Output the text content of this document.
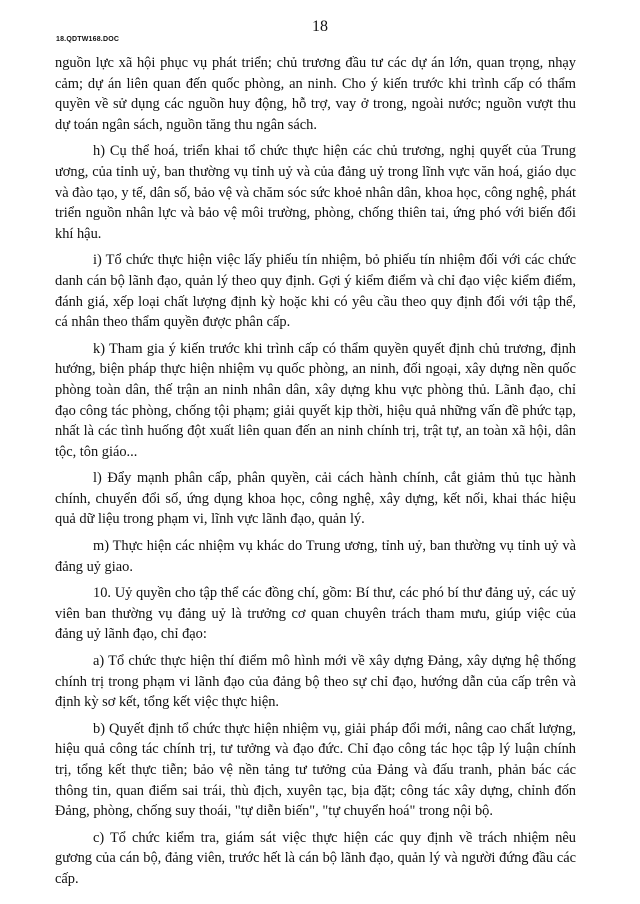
18
18.QDTW168.DOC

nguồn lực xã hội phục vụ phát triển; chủ trương đầu tư các dự án lớn, quan trọng, nhạy cảm; dự án liên quan đến quốc phòng, an ninh. Cho ý kiến trước khi trình cấp có thẩm quyền về sử dụng các nguồn huy động, hỗ trợ, vay ở trong, ngoài nước; nguồn vượt thu dự toán ngân sách, nguồn tăng thu ngân sách.

h) Cụ thể hoá, triển khai tổ chức thực hiện các chủ trương, nghị quyết của Trung ương, của tỉnh uỷ, ban thường vụ tỉnh uỷ và của đảng uỷ trong lĩnh vực văn hoá, giáo dục và đào tạo, y tế, dân số, bảo vệ và chăm sóc sức khoẻ nhân dân, khoa học, công nghệ, phát triển nguồn nhân lực và bảo vệ môi trường, phòng, chống thiên tai, ứng phó với biến đổi khí hậu.

i) Tổ chức thực hiện việc lấy phiếu tín nhiệm, bỏ phiếu tín nhiệm đối với các chức danh cán bộ lãnh đạo, quản lý theo quy định. Gợi ý kiểm điểm và chỉ đạo việc kiểm điểm, đánh giá, xếp loại chất lượng định kỳ hoặc khi có yêu cầu theo quy định đối với tập thể, cá nhân theo thẩm quyền được phân cấp.

k) Tham gia ý kiến trước khi trình cấp có thẩm quyền quyết định chủ trương, định hướng, biện pháp thực hiện nhiệm vụ quốc phòng, an ninh, đối ngoại, xây dựng nền quốc phòng toàn dân, thế trận an ninh nhân dân, xây dựng khu vực phòng thủ. Lãnh đạo, chỉ đạo công tác phòng, chống tội phạm; giải quyết kịp thời, hiệu quả những vấn đề phức tạp, nhất là các tình huống đột xuất liên quan đến an ninh chính trị, trật tự, an toàn xã hội, dân tộc, tôn giáo...

l) Đẩy mạnh phân cấp, phân quyền, cải cách hành chính, cắt giảm thủ tục hành chính, chuyển đổi số, ứng dụng khoa học, công nghệ, xây dựng, kết nối, khai thác hiệu quả dữ liệu trong phạm vi, lĩnh vực lãnh đạo, quản lý.

m) Thực hiện các nhiệm vụ khác do Trung ương, tỉnh uỷ, ban thường vụ tỉnh uỷ và đảng uỷ giao.

10. Uỷ quyền cho tập thể các đồng chí, gồm: Bí thư, các phó bí thư đảng uỷ, các uỷ viên ban thường vụ đảng uỷ là trưởng cơ quan chuyên trách tham mưu, giúp việc của đảng uỷ lãnh đạo, chỉ đạo:

a) Tổ chức thực hiện thí điểm mô hình mới về xây dựng Đảng, xây dựng hệ thống chính trị trong phạm vi lãnh đạo của đảng bộ theo sự chỉ đạo, hướng dẫn của cấp trên và định kỳ sơ kết, tổng kết việc thực hiện.

b) Quyết định tổ chức thực hiện nhiệm vụ, giải pháp đổi mới, nâng cao chất lượng, hiệu quả công tác chính trị, tư tưởng và đạo đức. Chỉ đạo công tác học tập lý luận chính trị, tổng kết thực tiễn; bảo vệ nền tảng tư tưởng của Đảng và đấu tranh, phản bác các thông tin, quan điểm sai trái, thù địch, xuyên tạc, bịa đặt; công tác xây dựng, chỉnh đốn Đảng, phòng, chống suy thoái, "tự diễn biến", "tự chuyển hoá" trong nội bộ.

c) Tổ chức kiểm tra, giám sát việc thực hiện các quy định về trách nhiệm nêu gương của cán bộ, đảng viên, trước hết là cán bộ lãnh đạo, quản lý và người đứng đầu các cấp.
